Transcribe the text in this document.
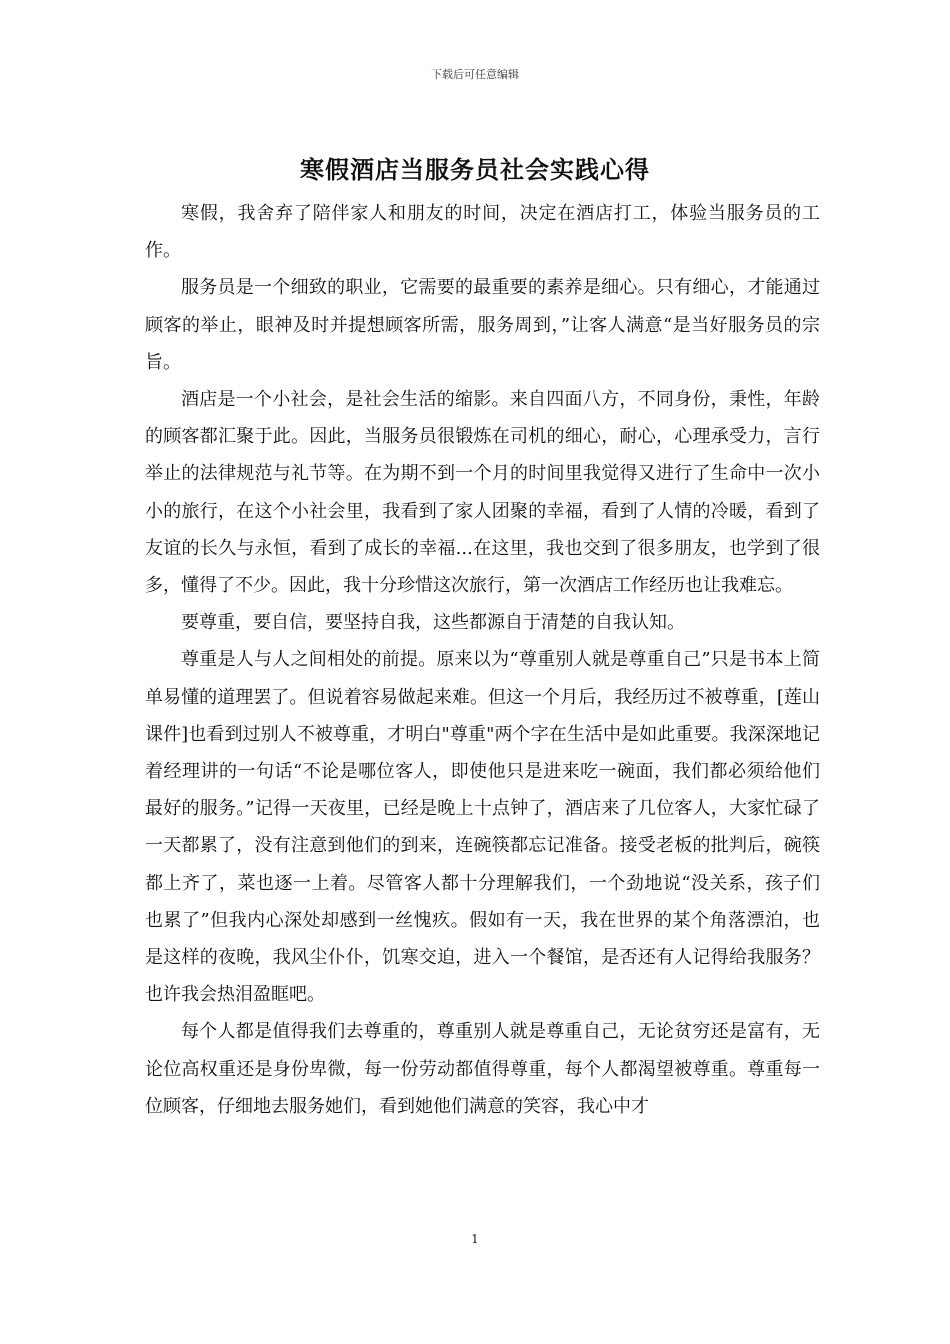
下载后可任意编辑
寒假酒店当服务员社会实践心得

寒假，我舍弃了陪伴家人和朋友的时间，决定在酒店打工，体验当服务员的工作。

服务员是一个细致的职业，它需要的最重要的素养是细心。只有细心，才能通过顾客的举止，眼神及时并提想顾客所需，服务周到，”让客人满意“是当好服务员的宗旨。

酒店是一个小社会，是社会生活的缩影。来自四面八方，不同身份，秉性，年龄的顾客都汇聚于此。因此，当服务员很锻炼在司机的细心，耐心，心理承受力，言行举止的法律规范与礼节等。在为期不到一个月的时间里我觉得又进行了生命中一次小小的旅行，在这个小社会里，我看到了家人团聚的幸福，看到了人情的冷暖，看到了友谊的长久与永恒，看到了成长的幸福...在这里，我也交到了很多朋友，也学到了很多，懂得了不少。因此，我十分珍惜这次旅行，第一次酒店工作经历也让我难忘。

要尊重，要自信，要坚持自我，这些都源自于清楚的自我认知。

尊重是人与人之间相处的前提。原来以为“尊重别人就是尊重自己”只是书本上简单易懂的道理罢了。但说着容易做起来难。但这一个月后，我经历过不被尊重，[莲山课件]也看到过别人不被尊重，才明白"尊重"两个字在生活中是如此重要。我深深地记着经理讲的一句话“不论是哪位客人，即使他只是进来吃一碗面，我们都必须给他们最好的服务。”记得一天夜里，已经是晚上十点钟了，酒店来了几位客人，大家忙碌了一天都累了，没有注意到他们的到来，连碗筷都忘记准备。接受老板的批判后，碗筷都上齐了，菜也逐一上着。尽管客人都十分理解我们，一个劲地说“没关系，孩子们也累了”但我内心深处却感到一丝愧疚。假如有一天，我在世界的某个角落漂泊，也是这样的夜晚，我风尘仆仆，饥寒交迫，进入一个餐馆，是否还有人记得给我服务？也许我会热泪盈眶吧。

每个人都是值得我们去尊重的，尊重别人就是尊重自己，无论贫穷还是富有，无论位高权重还是身份卑微，每一份劳动都值得尊重，每个人都渴望被尊重。尊重每一位顾客，仔细地去服务她们，看到她他们满意的笑容，我心中才

1
